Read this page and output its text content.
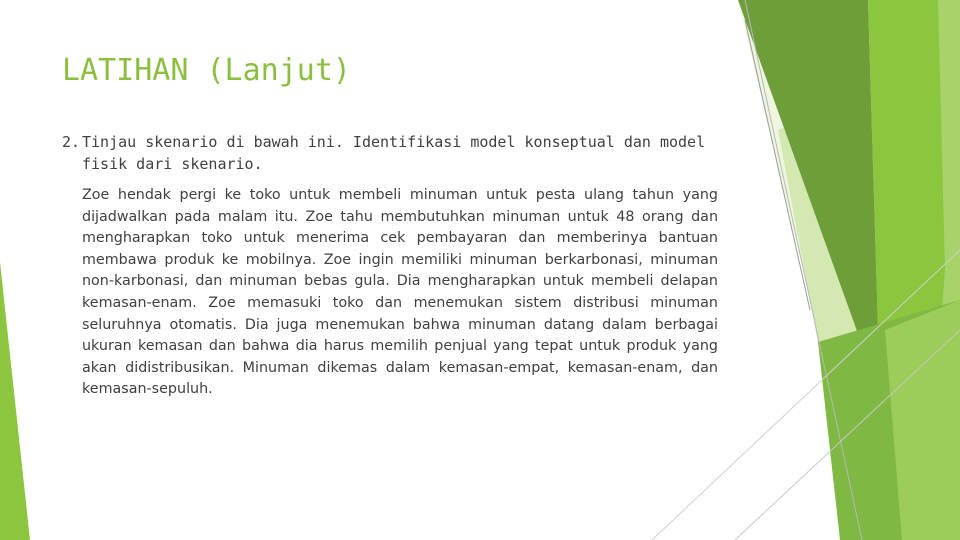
LATIHAN (Lanjut)
2. Tinjau skenario di bawah ini. Identifikasi model konseptual dan model fisik dari skenario.

Zoe hendak pergi ke toko untuk membeli minuman untuk pesta ulang tahun yang dijadwalkan pada malam itu. Zoe tahu membutuhkan minuman untuk 48 orang dan mengharapkan toko untuk menerima cek pembayaran dan memberinya bantuan membawa produk ke mobilnya. Zoe ingin memiliki minuman berkarbonasi, minuman non-karbonasi, dan minuman bebas gula. Dia mengharapkan untuk membeli delapan kemasan-enam. Zoe memasuki toko dan menemukan sistem distribusi minuman seluruhnya otomatis. Dia juga menemukan bahwa minuman datang dalam berbagai ukuran kemasan dan bahwa dia harus memilih penjual yang tepat untuk produk yang akan didistribusikan. Minuman dikemas dalam kemasan-empat, kemasan-enam, dan kemasan-sepuluh.
